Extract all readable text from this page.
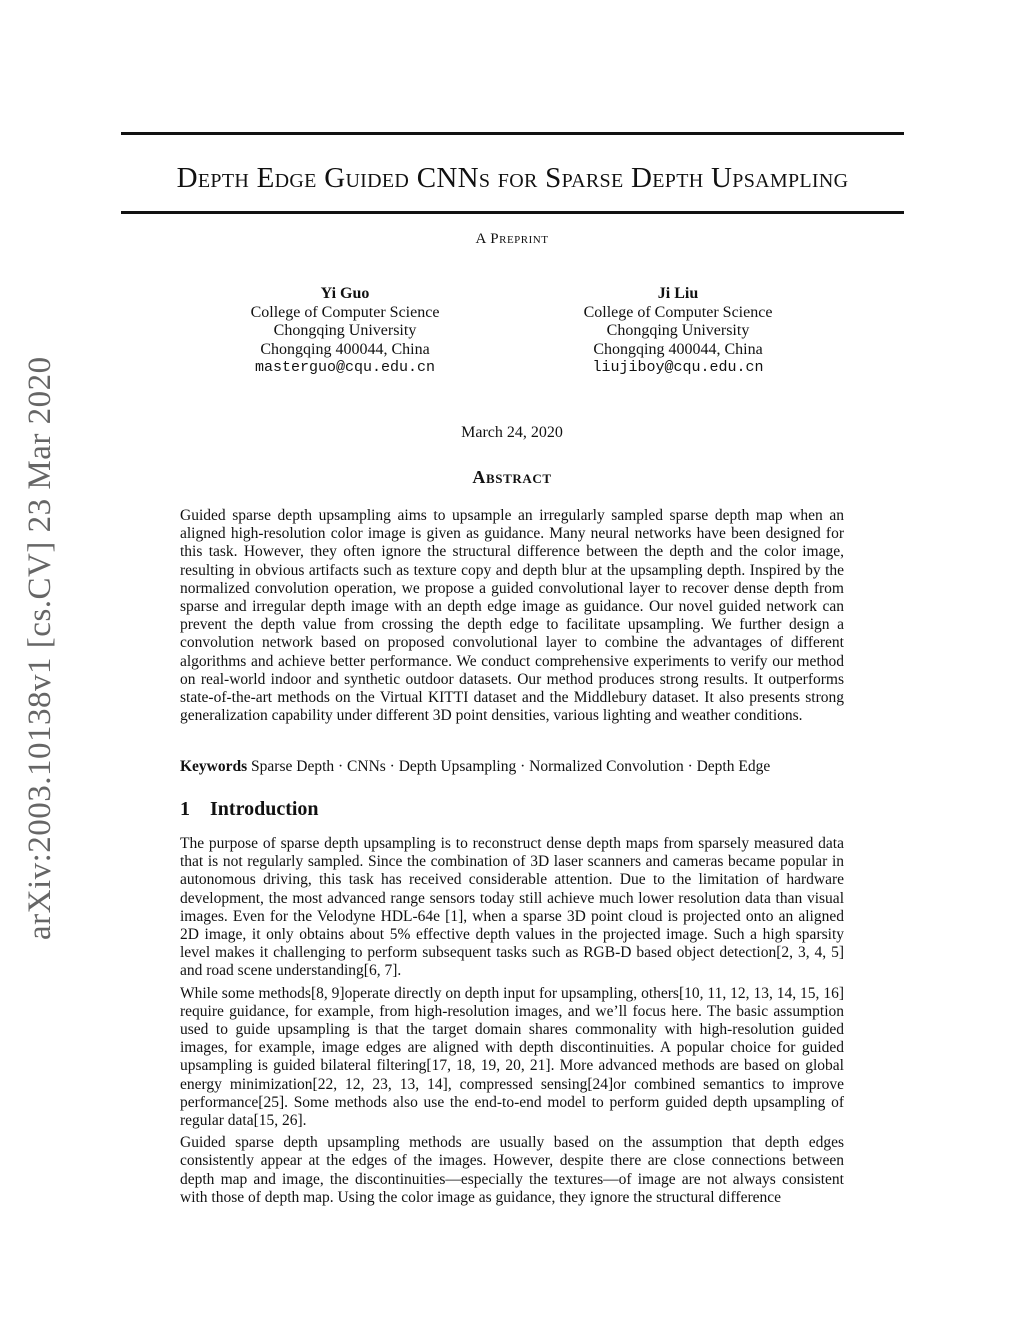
arXiv:2003.10138v1 [cs.CV] 23 Mar 2020
Depth Edge Guided CNNs for Sparse Depth Upsampling
A Preprint
Yi Guo
College of Computer Science
Chongqing University
Chongqing 400044, China
masterguo@cqu.edu.cn
Ji Liu
College of Computer Science
Chongqing University
Chongqing 400044, China
liujiboy@cqu.edu.cn
March 24, 2020
Abstract

Guided sparse depth upsampling aims to upsample an irregularly sampled sparse depth map when an aligned high-resolution color image is given as guidance. Many neural networks have been designed for this task. However, they often ignore the structural difference between the depth and the color image, resulting in obvious artifacts such as texture copy and depth blur at the upsampling depth. Inspired by the normalized convolution operation, we propose a guided convolutional layer to recover dense depth from sparse and irregular depth image with an depth edge image as guidance. Our novel guided network can prevent the depth value from crossing the depth edge to facilitate upsampling. We further design a convolution network based on proposed convolutional layer to combine the advantages of different algorithms and achieve better performance. We conduct comprehensive experiments to verify our method on real-world indoor and synthetic outdoor datasets. Our method produces strong results. It outperforms state-of-the-art methods on the Virtual KITTI dataset and the Middlebury dataset. It also presents strong generalization capability under different 3D point densities, various lighting and weather conditions.

Keywords Sparse Depth · CNNs · Depth Upsampling · Normalized Convolution · Depth Edge
1 Introduction

The purpose of sparse depth upsampling is to reconstruct dense depth maps from sparsely measured data that is not regularly sampled. Since the combination of 3D laser scanners and cameras became popular in autonomous driving, this task has received considerable attention. Due to the limitation of hardware development, the most advanced range sensors today still achieve much lower resolution data than visual images. Even for the Velodyne HDL-64e [1], when a sparse 3D point cloud is projected onto an aligned 2D image, it only obtains about 5% effective depth values in the projected image. Such a high sparsity level makes it challenging to perform subsequent tasks such as RGB-D based object detection[2, 3, 4, 5] and road scene understanding[6, 7].

While some methods[8, 9]operate directly on depth input for upsampling, others[10, 11, 12, 13, 14, 15, 16] require guidance, for example, from high-resolution images, and we’ll focus here. The basic assumption used to guide upsampling is that the target domain shares commonality with high-resolution guided images, for example, image edges are aligned with depth discontinuities. A popular choice for guided upsampling is guided bilateral filtering[17, 18, 19, 20, 21]. More advanced methods are based on global energy minimization[22, 12, 23, 13, 14], compressed sensing[24]or combined semantics to improve performance[25]. Some methods also use the end-to-end model to perform guided depth upsampling of regular data[15, 26].

Guided sparse depth upsampling methods are usually based on the assumption that depth edges consistently appear at the edges of the images. However, despite there are close connections between depth map and image, the discontinuities—especially the textures—of image are not always consistent with those of depth map. Using the color image as guidance, they ignore the structural difference
